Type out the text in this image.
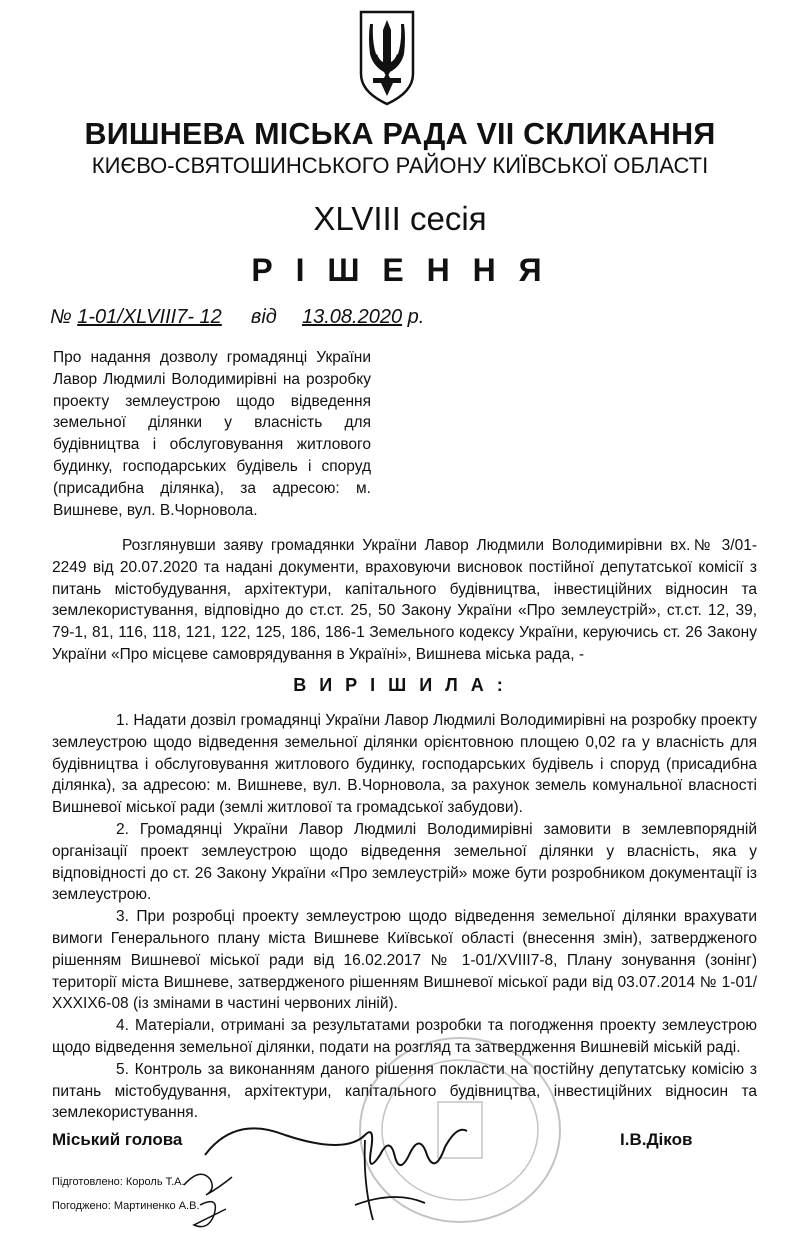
ВИШНЕВА МІСЬКА РАДА VII СКЛИКАННЯ
КИЄВО-СВЯТОШИНСЬКОГО РАЙОНУ КИЇВСЬКОЇ ОБЛАСТІ
XLVIII сесія
Р І Ш Е Н Н Я
№ 1-01/XLVIII7- 12 від 13.08.2020 р.

Про надання дозволу громадянці України Лавор Людмилі Володимирівні на розробку проекту землеустрою щодо відведення земельної ділянки у власність для будівництва і обслуговування житлового будинку, господарських будівель і споруд (присадибна ділянка), за адресою: м. Вишневе, вул. В.Чорновола.

Розглянувши заяву громадянки України Лавор Людмили Володимирівни вх.№ 3/01-2249 від 20.07.2020 та надані документи, враховуючи висновок постійної депутатської комісії з питань містобудування, архітектури, капітального будівництва, інвестиційних відносин та землекористування, відповідно до ст.ст. 25, 50 Закону України «Про землеустрій», ст.ст. 12, 39, 79-1, 81, 116, 118, 121, 122, 125, 186, 186-1 Земельного кодексу України, керуючись ст. 26 Закону України «Про місцеве самоврядування в Україні», Вишнева міська рада, -

В И Р І Ш И Л А :

1. Надати дозвіл громадянці України Лавор Людмилі Володимирівні на розробку проекту землеустрою щодо відведення земельної ділянки орієнтовною площею 0,02 га у власність для будівництва і обслуговування житлового будинку, господарських будівель і споруд (присадибна ділянка), за адресою: м. Вишневе, вул. В.Чорновола, за рахунок земель комунальної власності Вишневої міської ради (землі житлової та громадської забудови).

2. Громадянці України Лавор Людмилі Володимирівні замовити в землевпорядній організації проект землеустрою щодо відведення земельної ділянки у власність, яка у відповідності до ст. 26 Закону України «Про землеустрій» може бути розробником документації із землеустрою.

3. При розробці проекту землеустрою щодо відведення земельної ділянки врахувати вимоги Генерального плану міста Вишневе Київської області (внесення змін), затвердженого рішенням Вишневої міської ради від 16.02.2017 № 1-01/XVIII7-8, Плану зонування (зонінг) території міста Вишневе, затвердженого рішенням Вишневої міської ради від 03.07.2014 № 1-01/ XXXIX6-08 (із змінами в частині червоних ліній).

4. Матеріали, отримані за результатами розробки та погодження проекту землеустрою щодо відведення земельної ділянки, подати на розгляд та затвердження Вишневій міській раді.

5. Контроль за виконанням даного рішення покласти на постійну депутатську комісію з питань містобудування, архітектури, капітального будівництва, інвестиційних відносин та землекористування.

Міський голова	І.В.Діков
Підготовлено: Король Т.А.
Погоджено: Мартиненко А.В.
